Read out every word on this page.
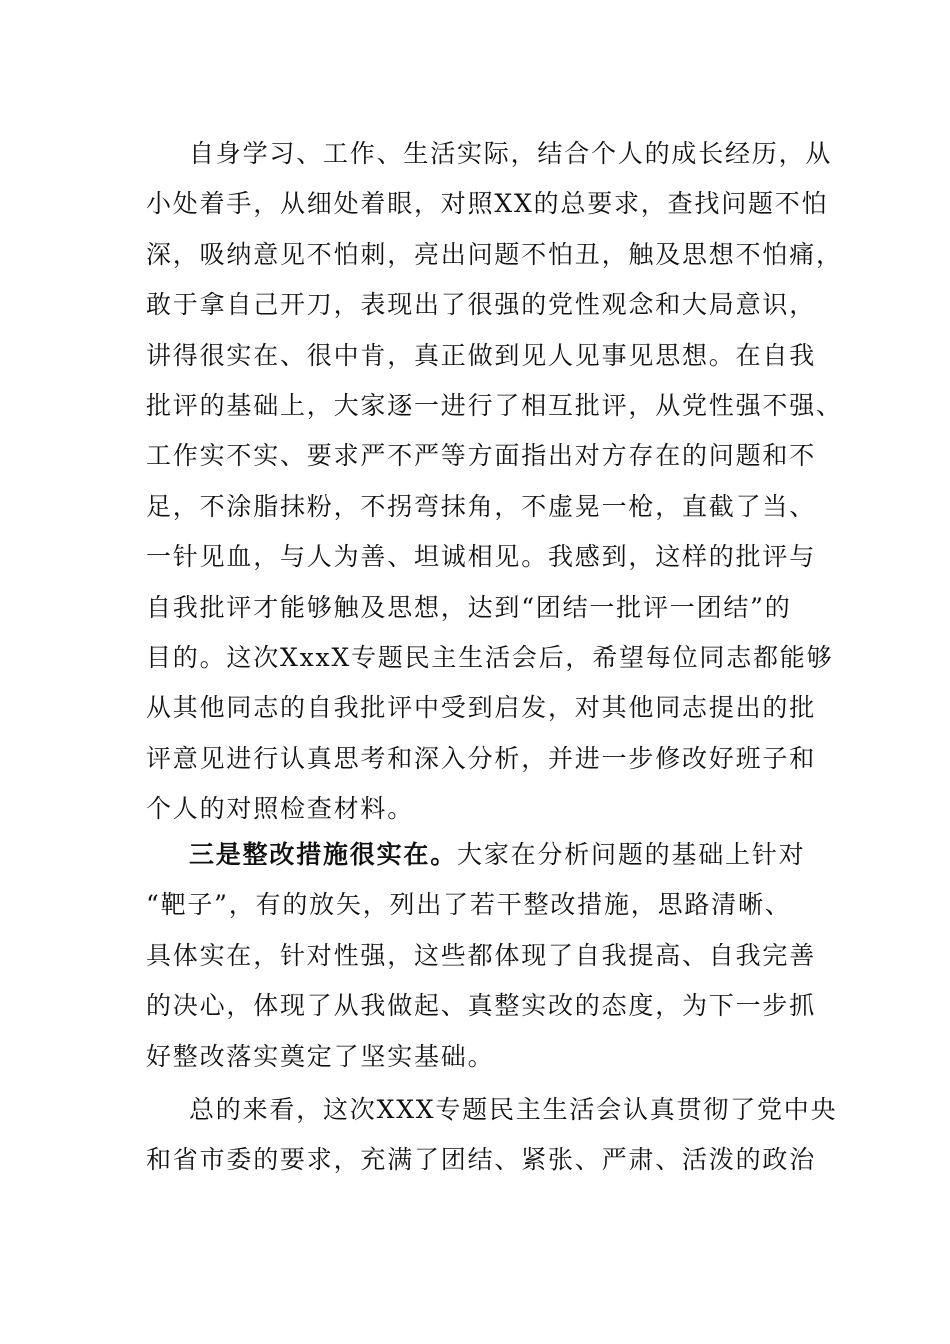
自身学习、工作、生活实际，结合个人的成长经历，从
小处着手，从细处着眼，对照XX的总要求，查找问题不怕
深，吸纳意见不怕刺，亮出问题不怕丑，触及思想不怕痛，
敢于拿自己开刀，表现出了很强的党性观念和大局意识，
讲得很实在、很中肯，真正做到见人见事见思想。在自我
批评的基础上，大家逐一进行了相互批评，从党性强不强、
工作实不实、要求严不严等方面指出对方存在的问题和不
足，不涂脂抹粉，不拐弯抹角，不虚晃一枪，直截了当、
一针见血，与人为善、坦诚相见。我感到，这样的批评与
自我批评才能够触及思想，达到“团结一批评一团结”的
目的。这次XxxX专题民主生活会后，希望每位同志都能够
从其他同志的自我批评中受到启发，对其他同志提出的批
评意见进行认真思考和深入分析，并进一步修改好班子和
个人的对照检查材料。
三是整改措施很实在。大家在分析问题的基础上针对
“靶子”，有的放矢，列出了若干整改措施，思路清晰、
具体实在，针对性强，这些都体现了自我提高、自我完善
的决心，体现了从我做起、真整实改的态度，为下一步抓
好整改落实奠定了坚实基础。
总的来看，这次XXX专题民主生活会认真贯彻了党中央
和省市委的要求，充满了团结、紧张、严肃、活泼的政治
